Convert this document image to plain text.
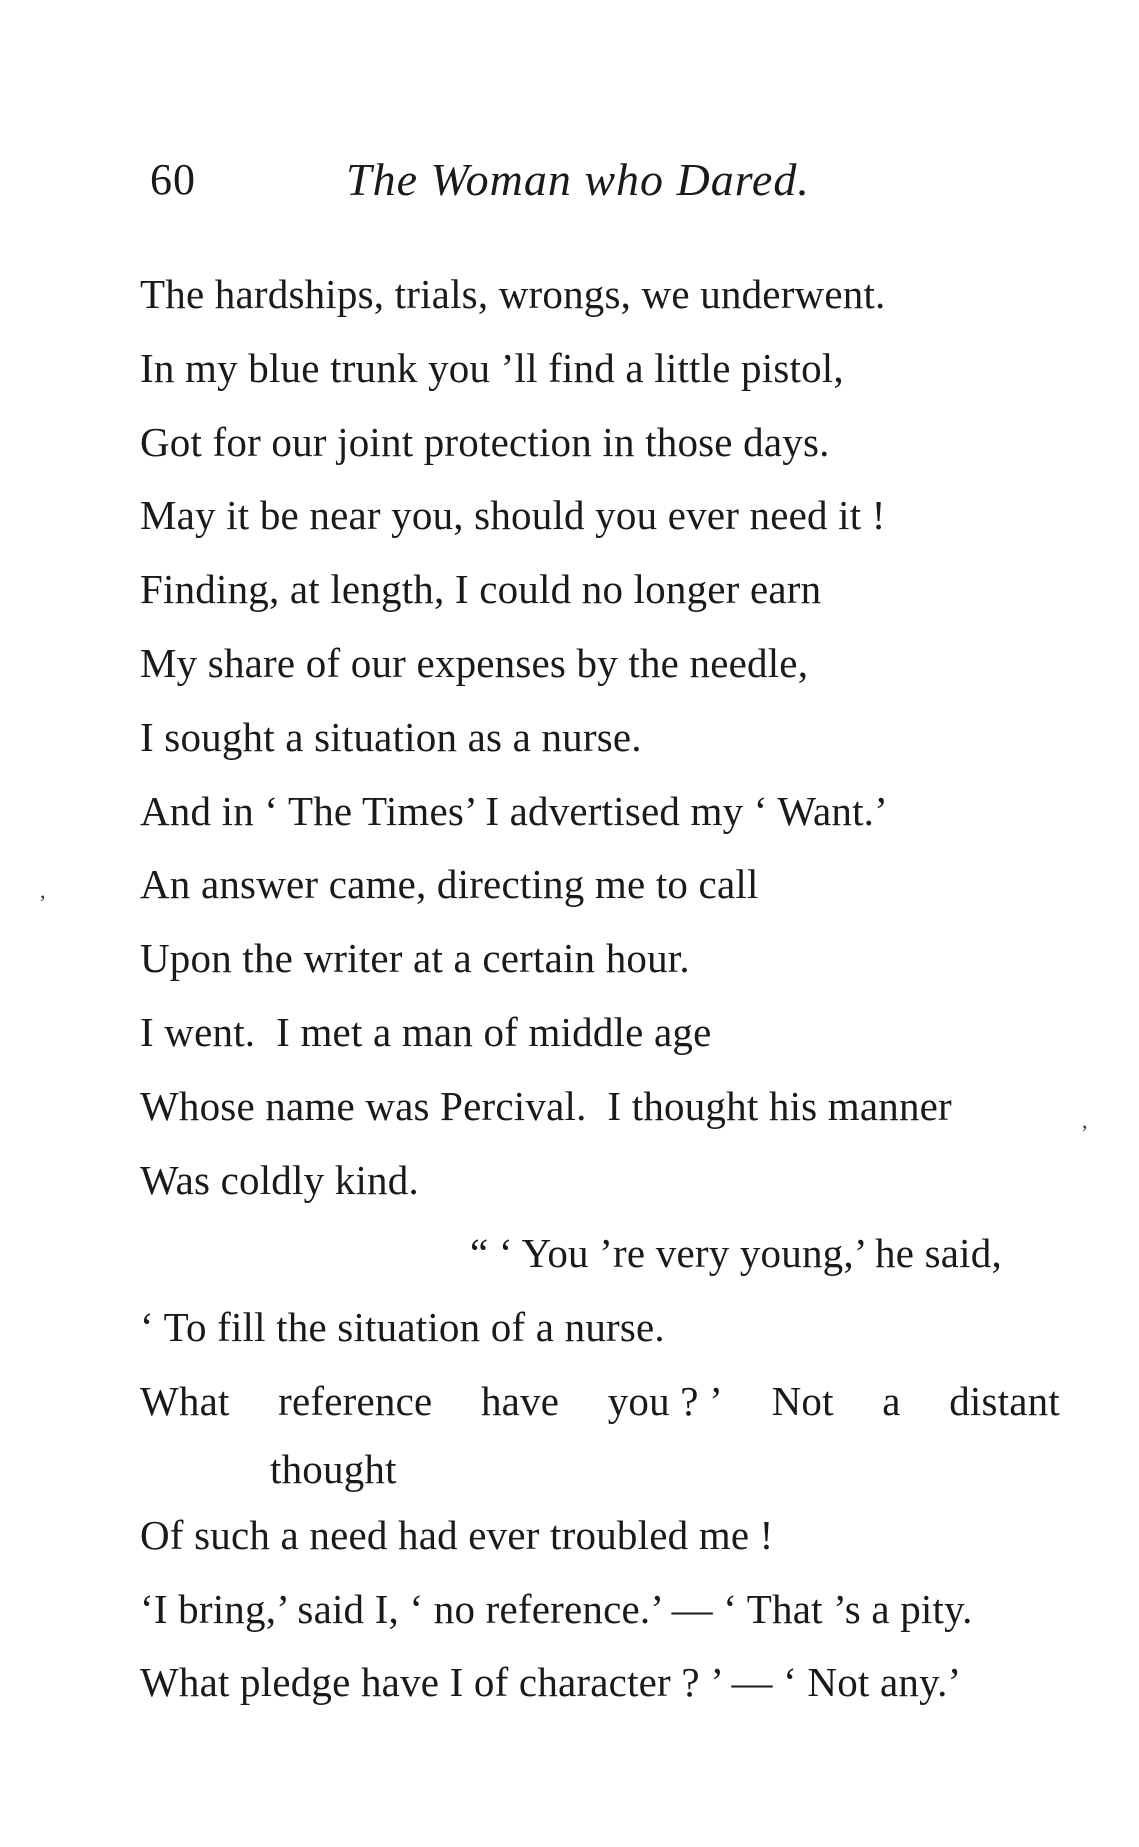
60	The Woman who Dared.
The hardships, trials, wrongs, we underwent.
In my blue trunk you ’ll find a little pistol,
Got for our joint protection in those days.
May it be near you, should you ever need it !
Finding, at length, I could no longer earn
My share of our expenses by the needle,
I sought a situation as a nurse.
And in ‘ The Times’ I advertised my ‘ Want.’
An answer came, directing me to call
Upon the writer at a certain hour.
I went.  I met a man of middle age
Whose name was Percival.  I thought his manner
Was coldly kind.
“ ‘ You ’re very young,’ he said,
‘ To fill the situation of a nurse.
What reference have you ? ’ Not a distant
thought
Of such a need had ever troubled me !
‘I bring,’ said I, ‘ no reference.’ — ‘ That ’s a pity.
What pledge have I of character ? ’ — ‘ Not any.’
,
,
